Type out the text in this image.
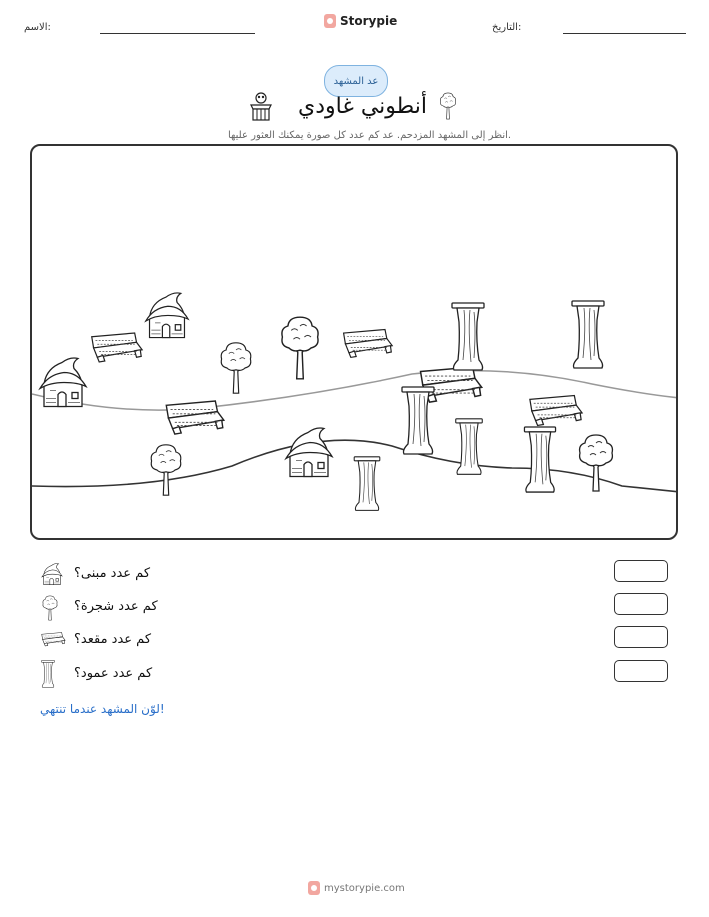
الاسم:	Storypie	التاريخ:
عد المشهد
أنطوني غاودي
انظر إلى المشهد المزدحم. عد كم عدد كل صورة يمكنك العثور عليها.
كم عدد مبنى؟
كم عدد شجرة؟
كم عدد مقعد؟
كم عدد عمود؟
لوّن المشهد عندما تنتهي!
mystorypie.com
